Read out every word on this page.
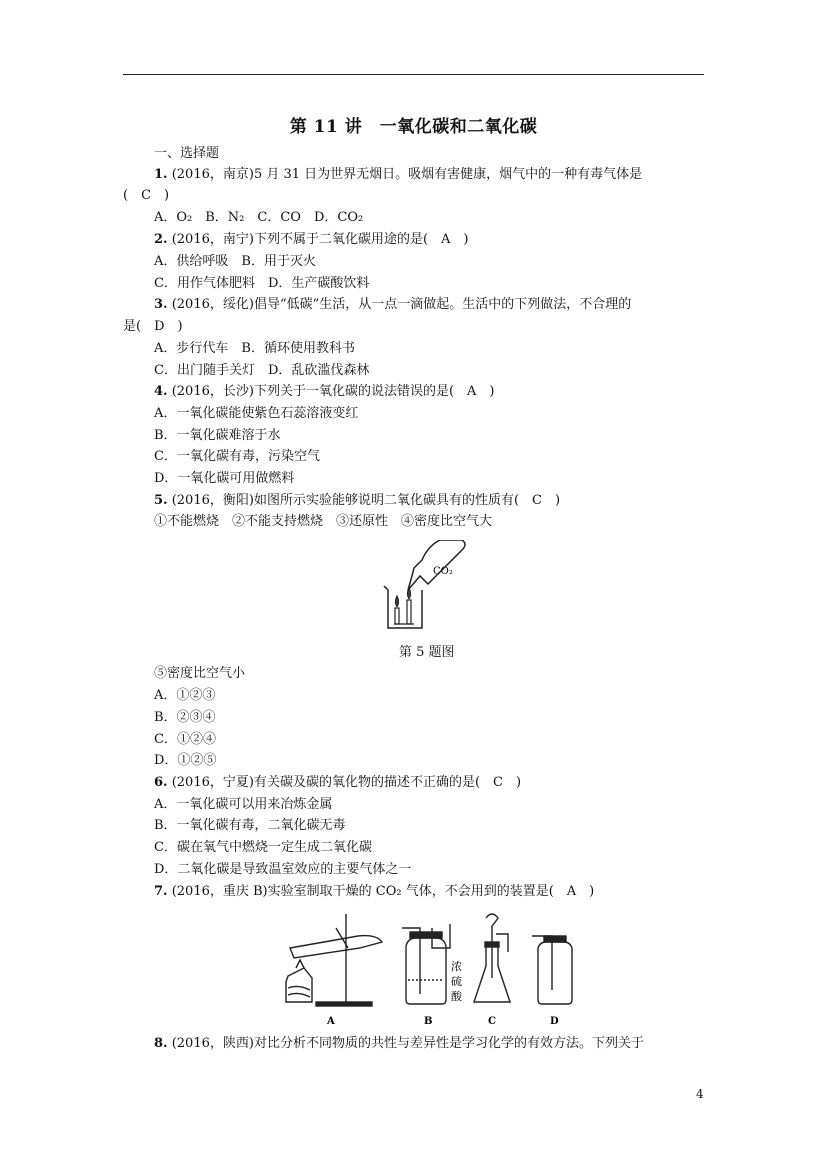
第 11 讲　一氧化碳和二氧化碳
一、选择题
1. (2016，南京)5 月 31 日为世界无烟日。吸烟有害健康，烟气中的一种有毒气体是
(　C　)
A．O₂　B．N₂　C．CO　D．CO₂
2. (2016，南宁)下列不属于二氧化碳用途的是(　A　)
A．供给呼吸　B．用于灭火
C．用作气体肥料　D．生产碳酸饮料
3. (2016，绥化)倡导“低碳”生活，从一点一滴做起。生活中的下列做法，不合理的
是(　D　)
A．步行代车　B．循环使用教科书
C．出门随手关灯　D．乱砍滥伐森林
4. (2016，长沙)下列关于一氧化碳的说法错误的是(　A　)
A．一氧化碳能使紫色石蕊溶液变红
B．一氧化碳难溶于水
C．一氧化碳有毒，污染空气
D．一氧化碳可用做燃料
5. (2016，衡阳)如图所示实验能够说明二氧化碳具有的性质有(　C　)
①不能燃烧　②不能支持燃烧　③还原性　④密度比空气大
CO₂
第 5 题图
⑤密度比空气小
A．①②③
B．②③④
C．①②④
D．①②⑤
6. (2016，宁夏)有关碳及碳的氧化物的描述不正确的是(　C　)
A．一氧化碳可以用来冶炼金属
B．一氧化碳有毒，二氧化碳无毒
C．碳在氧气中燃烧一定生成二氧化碳
D．二氧化碳是导致温室效应的主要气体之一
7. (2016，重庆 B)实验室制取干燥的 CO₂ 气体，不会用到的装置是(　A　)
A
浓
硫
酸
B	C	D
8. (2016，陕西)对比分析不同物质的共性与差异性是学习化学的有效方法。下列关于
4
